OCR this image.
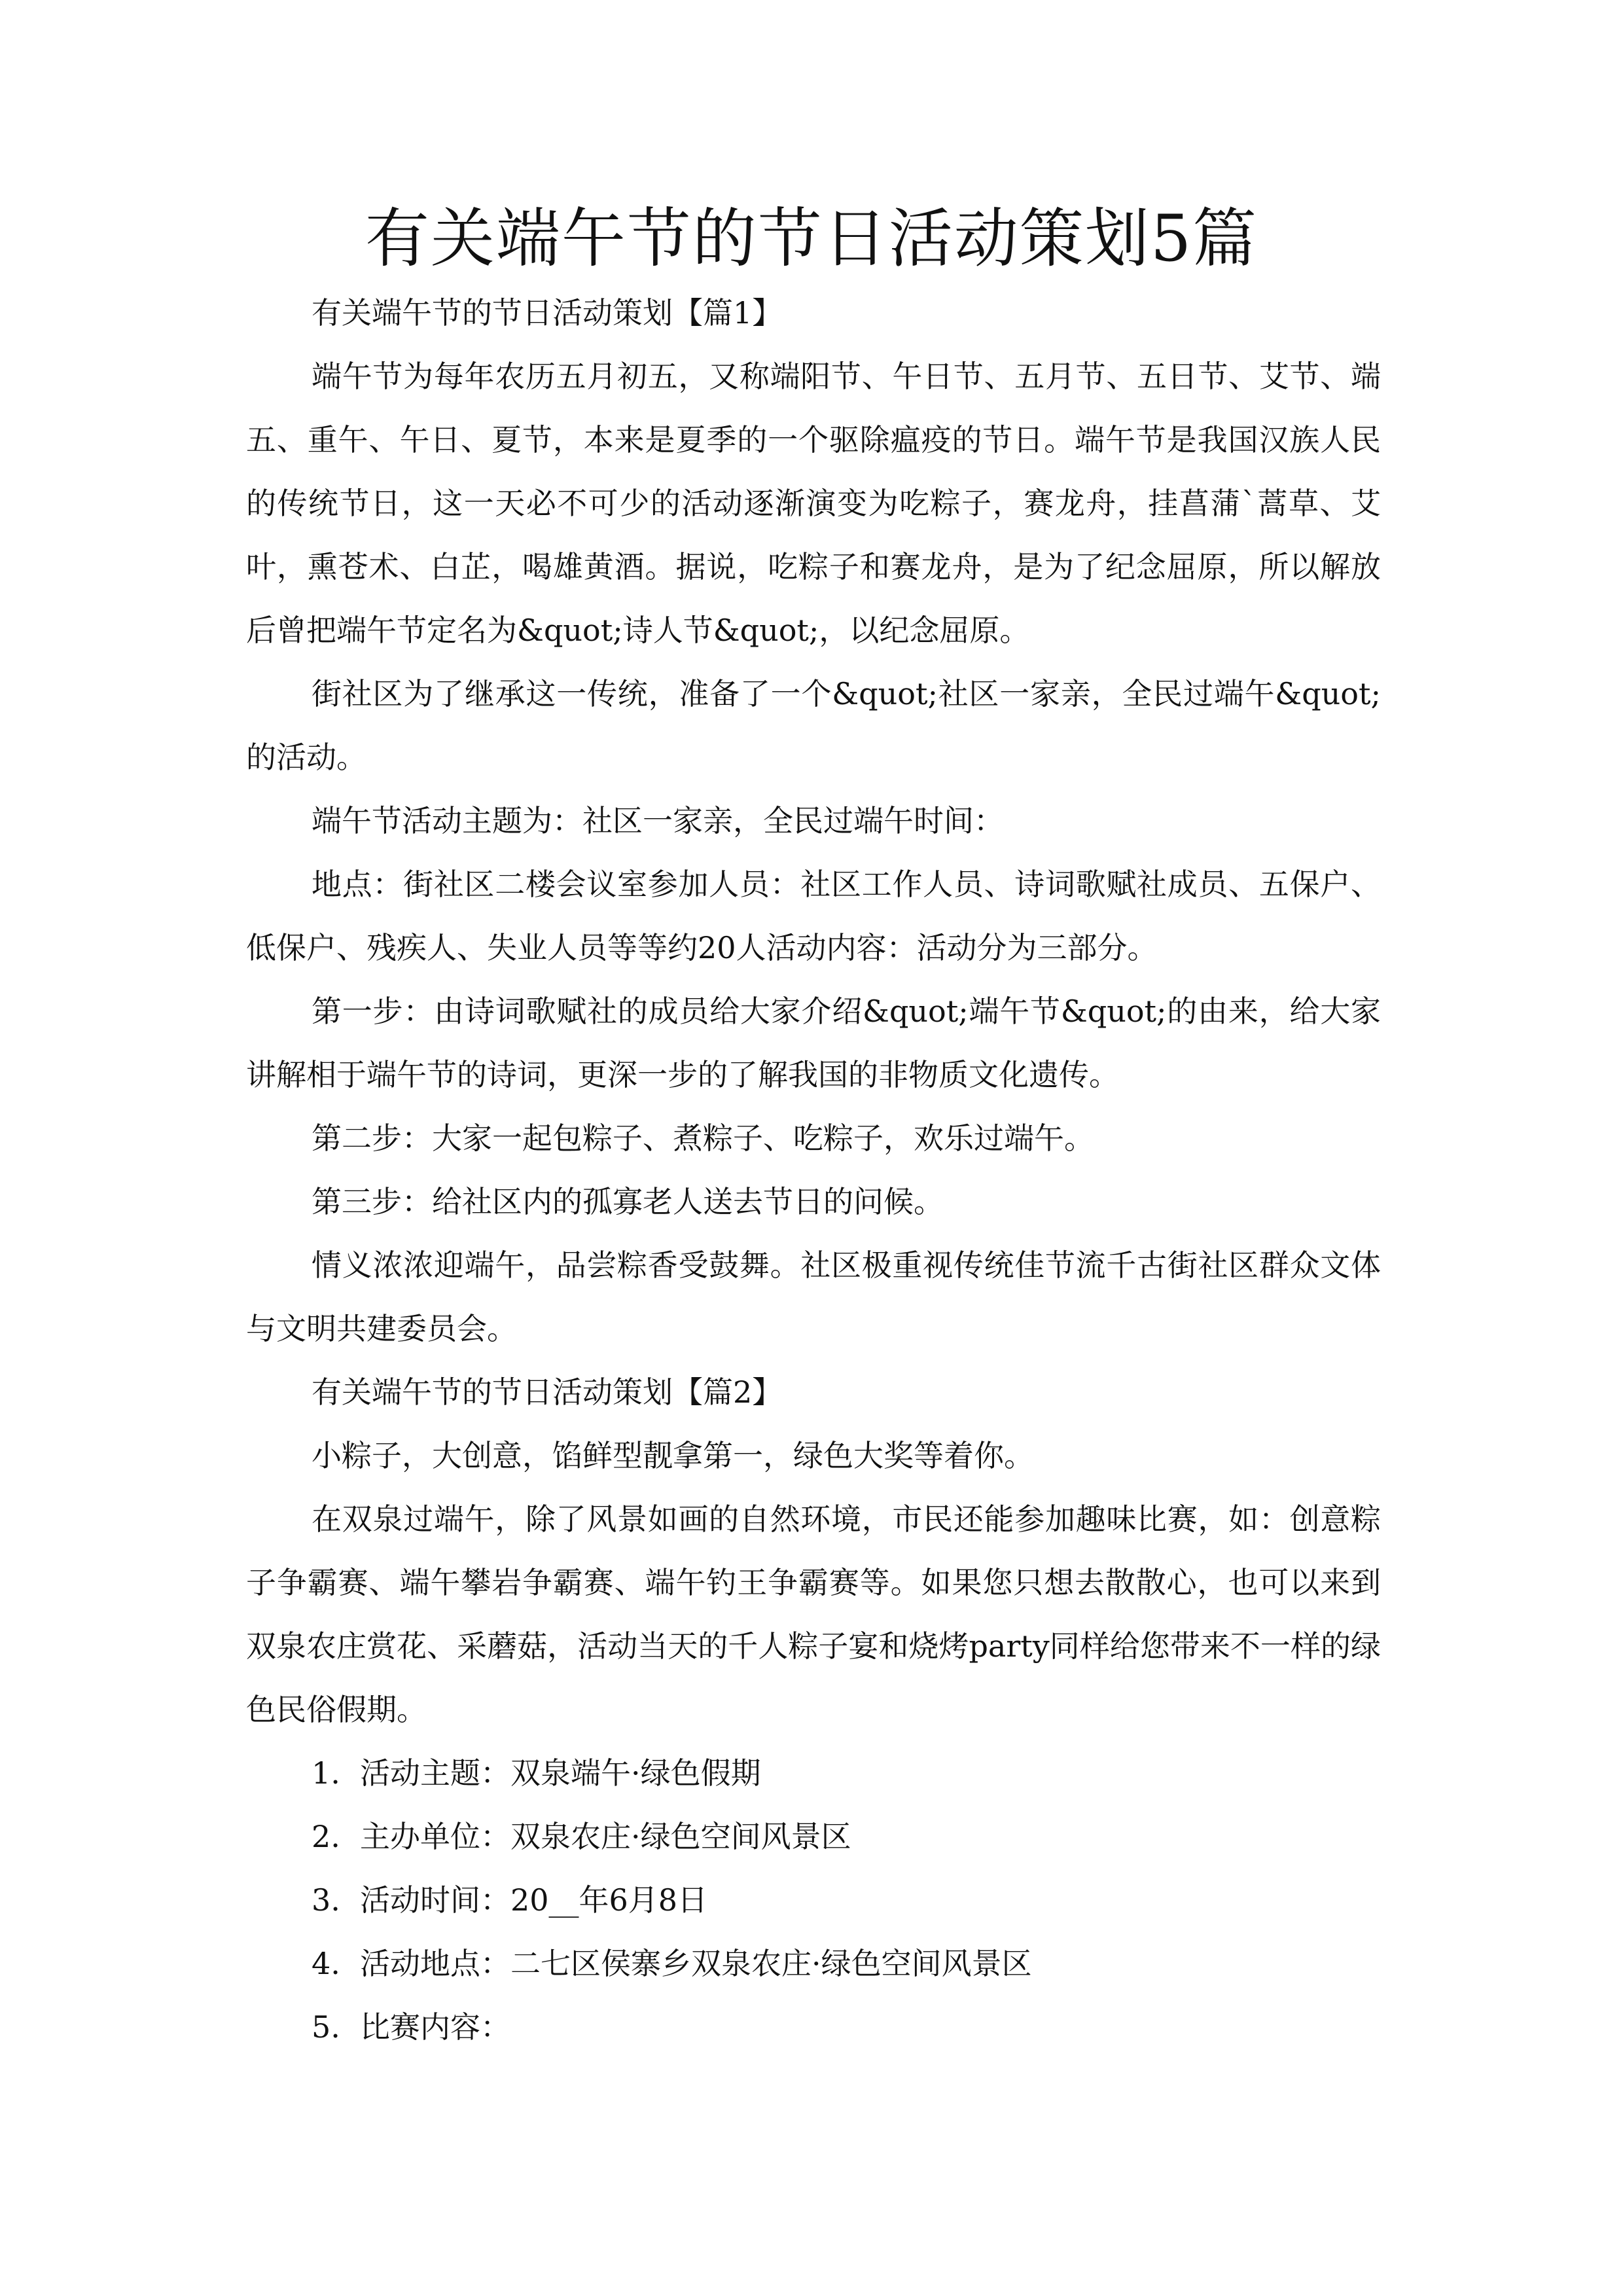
有关端午节的节日活动策划5篇

有关端午节的节日活动策划【篇1】

端午节为每年农历五月初五，又称端阳节、午日节、五月节、五日节、艾节、端五、重午、午日、夏节，本来是夏季的一个驱除瘟疫的节日。端午节是我国汉族人民的传统节日，这一天必不可少的活动逐渐演变为吃粽子，赛龙舟，挂菖蒲`蒿草、艾叶，熏苍术、白芷，喝雄黄酒。据说，吃粽子和赛龙舟，是为了纪念屈原，所以解放后曾把端午节定名为&quot;诗人节&quot;，以纪念屈原。

街社区为了继承这一传统，准备了一个&quot;社区一家亲，全民过端午&quot;的活动。

端午节活动主题为：社区一家亲，全民过端午时间：

地点：街社区二楼会议室参加人员：社区工作人员、诗词歌赋社成员、五保户、低保户、残疾人、失业人员等等约20人活动内容：活动分为三部分。

第一步：由诗词歌赋社的成员给大家介绍&quot;端午节&quot;的由来，给大家讲解相于端午节的诗词，更深一步的了解我国的非物质文化遗传。

第二步：大家一起包粽子、煮粽子、吃粽子，欢乐过端午。

第三步：给社区内的孤寡老人送去节日的问候。

情义浓浓迎端午，品尝粽香受鼓舞。社区极重视传统佳节流千古街社区群众文体与文明共建委员会。

有关端午节的节日活动策划【篇2】

小粽子，大创意，馅鲜型靓拿第一，绿色大奖等着你。

在双泉过端午，除了风景如画的自然环境，市民还能参加趣味比赛，如：创意粽子争霸赛、端午攀岩争霸赛、端午钓王争霸赛等。如果您只想去散散心，也可以来到双泉农庄赏花、采蘑菇，活动当天的千人粽子宴和烧烤party同样给您带来不一样的绿色民俗假期。

1. 活动主题：双泉端午·绿色假期
2. 主办单位：双泉农庄·绿色空间风景区
3. 活动时间：20__年6月8日
4. 活动地点：二七区侯寨乡双泉农庄·绿色空间风景区
5. 比赛内容：
